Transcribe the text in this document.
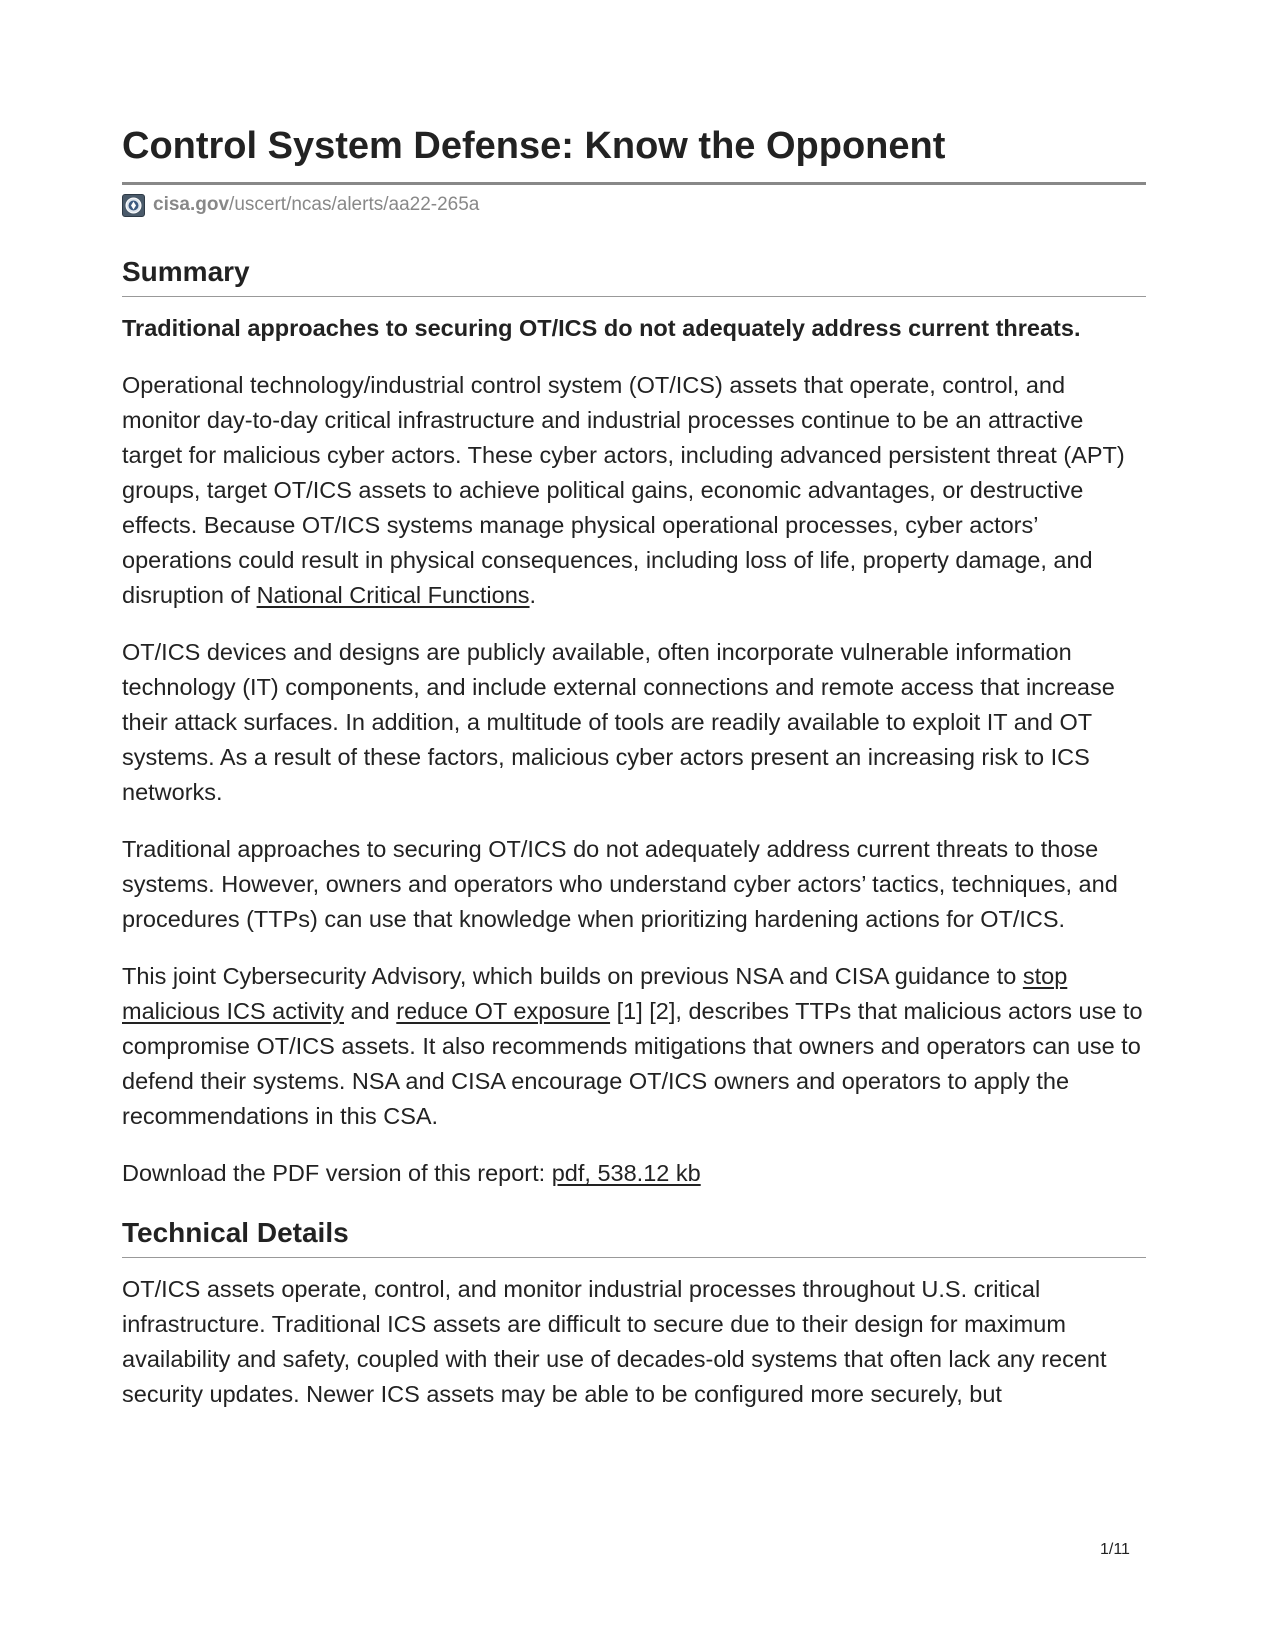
Control System Defense: Know the Opponent
cisa.gov /uscert/ncas/alerts/aa22-265a
Summary

Traditional approaches to securing OT/ICS do not adequately address current threats.

Operational technology/industrial control system (OT/ICS) assets that operate, control, and monitor day-to-day critical infrastructure and industrial processes continue to be an attractive target for malicious cyber actors. These cyber actors, including advanced persistent threat (APT) groups, target OT/ICS assets to achieve political gains, economic advantages, or destructive effects. Because OT/ICS systems manage physical operational processes, cyber actors’ operations could result in physical consequences, including loss of life, property damage, and disruption of National Critical Functions.

OT/ICS devices and designs are publicly available, often incorporate vulnerable information technology (IT) components, and include external connections and remote access that increase their attack surfaces. In addition, a multitude of tools are readily available to exploit IT and OT systems. As a result of these factors, malicious cyber actors present an increasing risk to ICS networks.

Traditional approaches to securing OT/ICS do not adequately address current threats to those systems. However, owners and operators who understand cyber actors’ tactics, techniques, and procedures (TTPs) can use that knowledge when prioritizing hardening actions for OT/ICS.

This joint Cybersecurity Advisory, which builds on previous NSA and CISA guidance to stop malicious ICS activity and reduce OT exposure [1] [2], describes TTPs that malicious actors use to compromise OT/ICS assets. It also recommends mitigations that owners and operators can use to defend their systems. NSA and CISA encourage OT/ICS owners and operators to apply the recommendations in this CSA.

Download the PDF version of this report: pdf, 538.12 kb

Technical Details

OT/ICS assets operate, control, and monitor industrial processes throughout U.S. critical infrastructure. Traditional ICS assets are difficult to secure due to their design for maximum availability and safety, coupled with their use of decades-old systems that often lack any recent security updates. Newer ICS assets may be able to be configured more securely, but

1/11
